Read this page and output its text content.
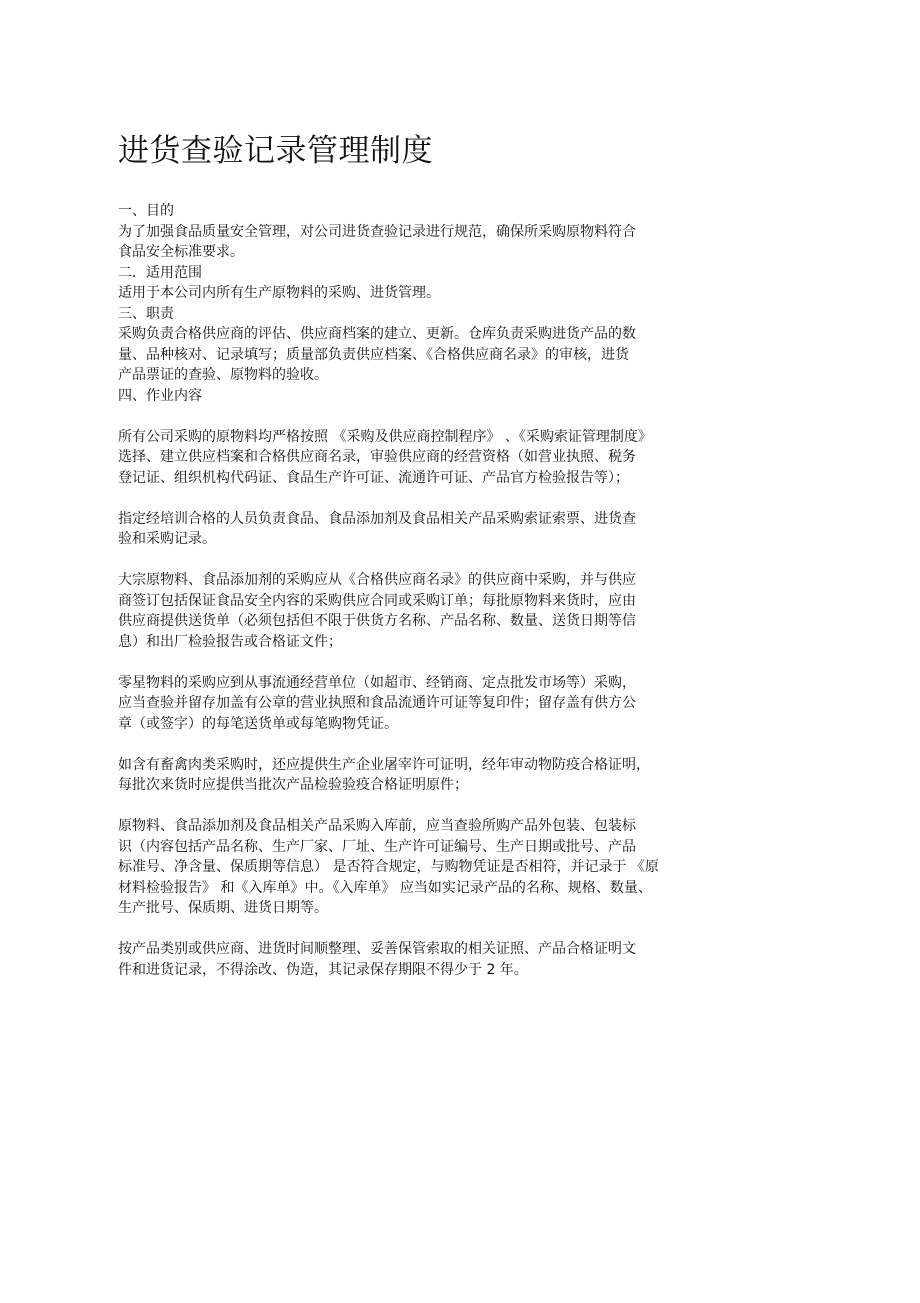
进货查验记录管理制度
一、目的
为了加强食品质量安全管理，对公司进货查验记录进行规范，确保所采购原物料符合
食品安全标准要求。
二．适用范围
适用于本公司内所有生产原物料的采购、进货管理。
三、职责
采购负责合格供应商的评估、供应商档案的建立、更新。仓库负责采购进货产品的数
量、品种核对、记录填写；质量部负责供应档案、《合格供应商名录》的审核，进货
产品票证的查验、原物料的验收。
四、作业内容
所有公司采购的原物料均严格按照 《采购及供应商控制程序》 、《采购索证管理制度》
选择、建立供应档案和合格供应商名录，审验供应商的经营资格（如营业执照、税务
登记证、组织机构代码证、食品生产许可证、流通许可证、产品官方检验报告等）；
指定经培训合格的人员负责食品、食品添加剂及食品相关产品采购索证索票、进货查
验和采购记录。
大宗原物料、食品添加剂的采购应从《合格供应商名录》的供应商中采购，并与供应
商签订包括保证食品安全内容的采购供应合同或采购订单；每批原物料来货时，应由
供应商提供送货单（必须包括但不限于供货方名称、产品名称、数量、送货日期等信
息）和出厂检验报告或合格证文件；
零星物料的采购应到从事流通经营单位（如超市、经销商、定点批发市场等）采购，
应当查验并留存加盖有公章的营业执照和食品流通许可证等复印件；留存盖有供方公
章（或签字）的每笔送货单或每笔购物凭证。
如含有畜禽肉类采购时，还应提供生产企业屠宰许可证明，经年审动物防疫合格证明，
每批次来货时应提供当批次产品检验验疫合格证明原件；
原物料、食品添加剂及食品相关产品采购入库前，应当查验所购产品外包装、包装标
识（内容包括产品名称、生产厂家、厂址、生产许可证编号、生产日期或批号、产品
标准号、净含量、保质期等信息） 是否符合规定，与购物凭证是否相符，并记录于 《原
材料检验报告》 和《入库单》中。《入库单》 应当如实记录产品的名称、规格、数量、
生产批号、保质期、进货日期等。
按产品类别或供应商、进货时间顺整理、妥善保管索取的相关证照、产品合格证明文
件和进货记录，不得涂改、伪造，其记录保存期限不得少于 2 年。
